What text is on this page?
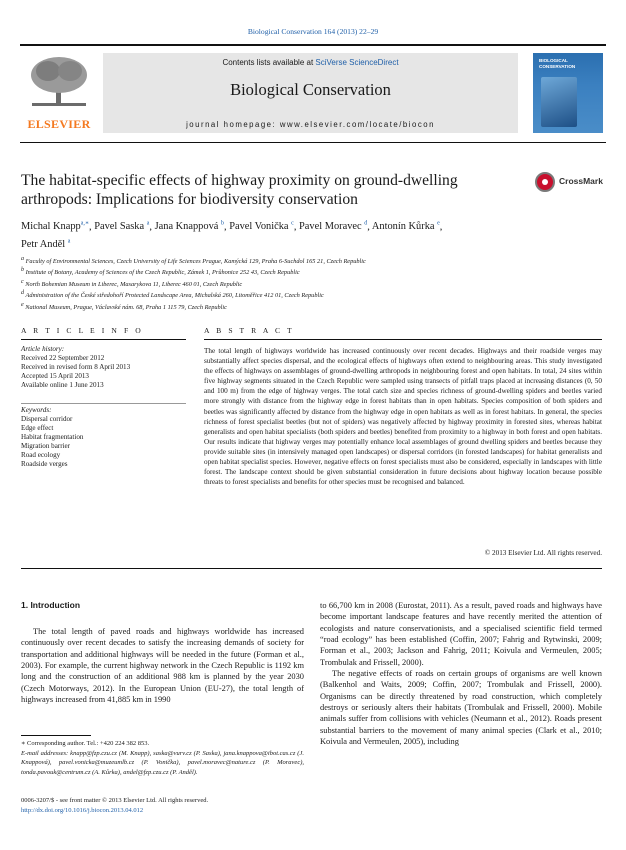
Biological Conservation 164 (2013) 22–29
ELSEVIER
Contents lists available at SciVerse ScienceDirect
Biological Conservation
journal homepage: www.elsevier.com/locate/biocon
BIOLOGICAL
CONSERVATION
The habitat-specific effects of highway proximity on ground-dwelling arthropods: Implications for biodiversity conservation
CrossMark
Michal Knapp$^{a,∗}$, Pavel Saska $^a$, Jana Knappová $^b$, Pavel Vonička $^c$, Pavel Moravec $^d$, Antonín Kůrka $^e$,
Petr Anděl $^a$
$^a$ Faculty of Environmental Sciences, Czech University of Life Sciences Prague, Kamýcká 129, Praha 6-Suchdol 165 21, Czech Republic
$^b$ Institute of Botany, Academy of Sciences of the Czech Republic, Zámek 1, Průhonice 252 43, Czech Republic
$^c$ North Bohemian Museum in Liberec, Masarykova 11, Liberec 460 01, Czech Republic
$^d$ Administration of the České středohoří Protected Landscape Area, Michalská 260, Litoměřice 412 01, Czech Republic
$^e$ National Museum, Prague, Václavské nám. 68, Praha 1 115 79, Czech Republic
A R T I C L E I N F O	A B S T R A C T
Article history:
Received 22 September 2012
Received in revised form 8 April 2013
Accepted 15 April 2013
Available online 1 June 2013
Keywords:
Dispersal corridor
Edge effect
Habitat fragmentation
Migration barrier
Road ecology
Roadside verges

The total length of highways worldwide has increased continuously over recent decades. Highways and their roadside verges may substantially affect species dispersal, and the ecological effects of highways often extend to neighbouring areas. This study investigated the effects of highways on assemblages of ground-dwelling arthropods in neighbouring forest and open habitats. In total, 24 sites within five highway segments situated in the Czech Republic were sampled using transects of pitfall traps placed at increasing distances (0, 50 and 100 m) from the edge of highway verges. The total catch size and species richness of ground-dwelling spiders and beetles varied more strongly with distance from the highway edge in forest habitats than in open habitats. Species composition of both spiders and beetles was significantly affected by distance from the highway edge in open habitats as well as in forest habitats. In general, the species richness of forest specialist beetles (but not of spiders) was negatively affected by highway proximity in forested sites, whereas habitat generalists and open habitat specialists (both spiders and beetles) benefited from proximity to a highway in both forest and open habitats. Our results indicate that highway verges may potentially enhance local assemblages of ground dwelling spiders and beetles because they provide suitable sites (in intensively managed open landscapes) or dispersal corridors (in forested landscapes) for habitat generalists and open habitat specialist species. However, negative effects on forest specialists must also be considered, especially in landscapes with little forest. The landscape context should be given substantial consideration in future decisions about highway location because possible threats to forest specialists and benefits for other species must be recognised and balanced.

© 2013 Elsevier Ltd. All rights reserved.
1. Introduction

The total length of paved roads and highways worldwide has increased continuously over recent decades to satisfy the increasing demands of society for transportation and additional highways will be needed in the future (Forman et al., 2003). For example, the current highway network in the Czech Republic is 1192 km long and the construction of an additional 988 km is planned by the year 2030 (Czech Motorways, 2012). In the European Union (EU-27), the total length of highways increased from 41,885 km in 1990

to 66,700 km in 2008 (Eurostat, 2011). As a result, paved roads and highways have become important landscape features and have recently merited the attention of ecologists and nature conservationists, and a specialised scientific field termed “road ecology” has been established (Coffin, 2007; Fahrig and Rytwinski, 2009; Forman et al., 2003; Jackson and Fahrig, 2011; Koivula and Vermeulen, 2005; Trombulak and Frissell, 2000).

The negative effects of roads on certain groups of organisms are well known (Balkenhol and Waits, 2009; Coffin, 2007; Trombulak and Frissell, 2000). Organisms can be directly threatened by road construction, which completely destroys or seriously alters their habitats (Trombulak and Frissell, 2000). Mobile animals suffer from collisions with vehicles (Neumann et al., 2012). Roads present substantial barriers to the movement of many animal species (Clark et al., 2010; Koivula and Vermeulen, 2005), including

∗ Corresponding author. Tel.: +420 224 382 853.

E-mail addresses: knapp@fzp.czu.cz (M. Knapp), saska@vurv.cz (P. Saska), jana.knappova@ibot.cas.cz (J. Knappová), pavel.vonicka@muzeumlb.cz (P. Vonička), pavel.moravec@nature.cz (P. Moravec), tonda.pavouk@centrum.cz (A. Kůrka), andel@fzp.czu.cz (P. Anděl).

0006-3207/$ - see front matter © 2013 Elsevier Ltd. All rights reserved.
http://dx.doi.org/10.1016/j.biocon.2013.04.012
